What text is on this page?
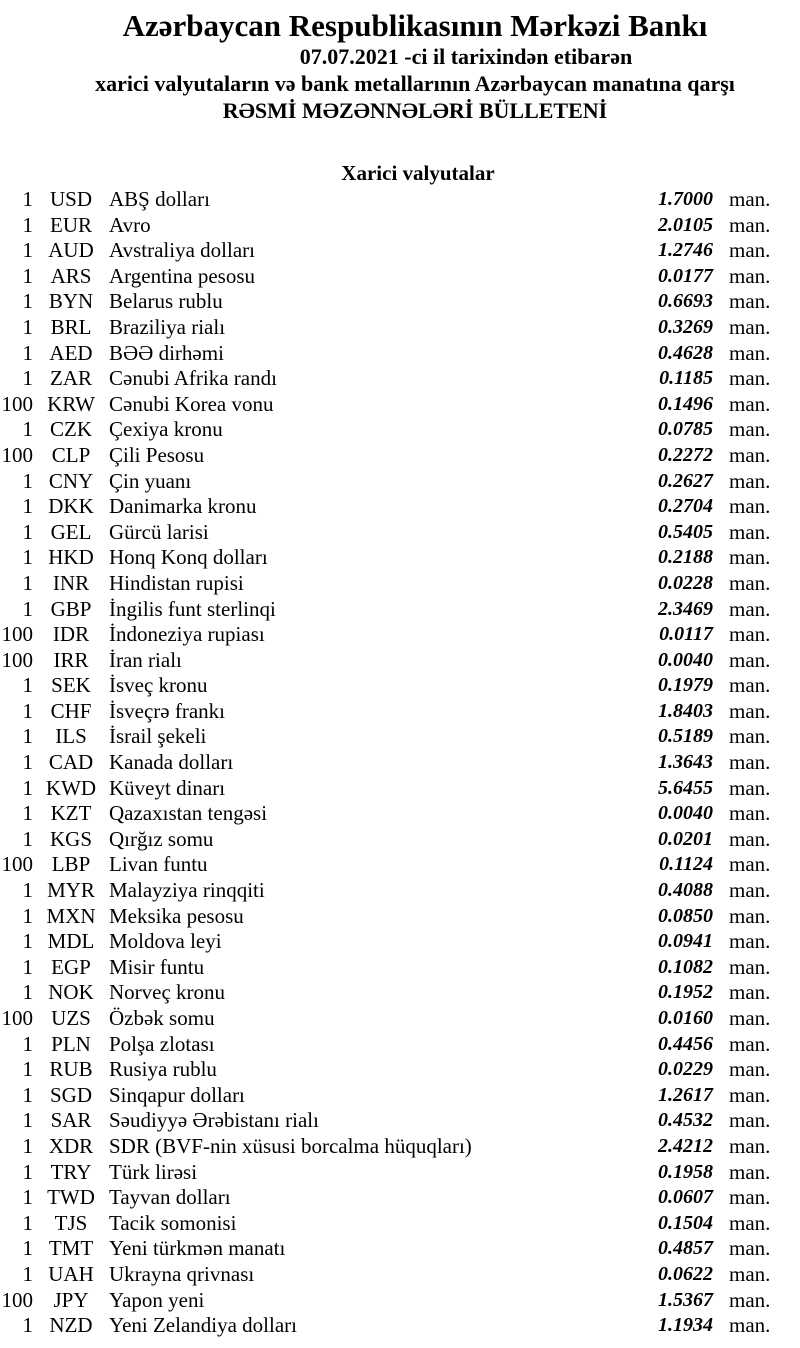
Azərbaycan Respublikasının Mərkəzi Bankı
07.07.2021 -ci il tarixindən etibarən
xarici valyutaların və bank metallarının Azərbaycan manatına qarşı
RƏSMİ MƏZƏNNƏLƏRİ BÜLLETENİ
Xarici valyutalar
1 USD ABŞ dolları	1.7000 man.
1 EUR Avro	2.0105 man.
1 AUD Avstraliya dolları	1.2746 man.
1 ARS Argentina pesosu	0.0177 man.
1 BYN Belarus rublu	0.6693 man.
1 BRL Braziliya rialı	0.3269 man.
1 AED BƏƏ dirhəmi	0.4628 man.
1 ZAR Cənubi Afrika randı	0.1185 man.
100 KRW Cənubi Korea vonu	0.1496 man.
1 CZK Çexiya kronu	0.0785 man.
100 CLP Çili Pesosu	0.2272 man.
1 CNY Çin yuanı	0.2627 man.
1 DKK Danimarka kronu	0.2704 man.
1 GEL Gürcü larisi	0.5405 man.
1 HKD Honq Konq dolları	0.2188 man.
1 INR Hindistan rupisi	0.0228 man.
1 GBP İngilis funt sterlinqi	2.3469 man.
100 IDR İndoneziya rupiası	0.0117 man.
100 IRR İran rialı	0.0040 man.
1 SEK İsveç kronu	0.1979 man.
1 CHF İsveçrə frankı	1.8403 man.
1	ILS	İsrail şekeli	0.5189 man.
1 CAD Kanada dolları	1.3643 man.
1 KWD Küveyt dinarı	5.6455 man.
1 KZT Qazaxıstan tengəsi	0.0040 man.
1 KGS Qırğız somu	0.0201 man.
100 LBP Livan funtu	0.1124 man.
1 MYR Malayziya rinqqiti	0.4088 man.
1 MXN Meksika pesosu	0.0850 man.
1 MDL Moldova leyi	0.0941 man.
1 EGP Misir funtu	0.1082 man.
1 NOK Norveç kronu	0.1952 man.
100 UZS Özbək somu	0.0160 man.
1 PLN Polşa zlotası	0.4456 man.
1 RUB Rusiya rublu	0.0229 man.
1 SGD Sinqapur dolları	1.2617 man.
1 SAR Səudiyyə Ərəbistanı rialı	0.4532 man.
1 XDR SDR (BVF-nin xüsusi borcalma hüquqları)	2.4212 man.
1 TRY Türk lirəsi	0.1958 man.
1 TWD Tayvan dolları	0.0607 man.
1	TJS	Tacik somonisi	0.1504 man.
1 TMT Yeni türkmən manatı	0.4857 man.
1 UAH Ukrayna qrivnası	0.0622 man.
100 JPY Yapon yeni	1.5367 man.
1 NZD Yeni Zelandiya dolları	1.1934 man.
